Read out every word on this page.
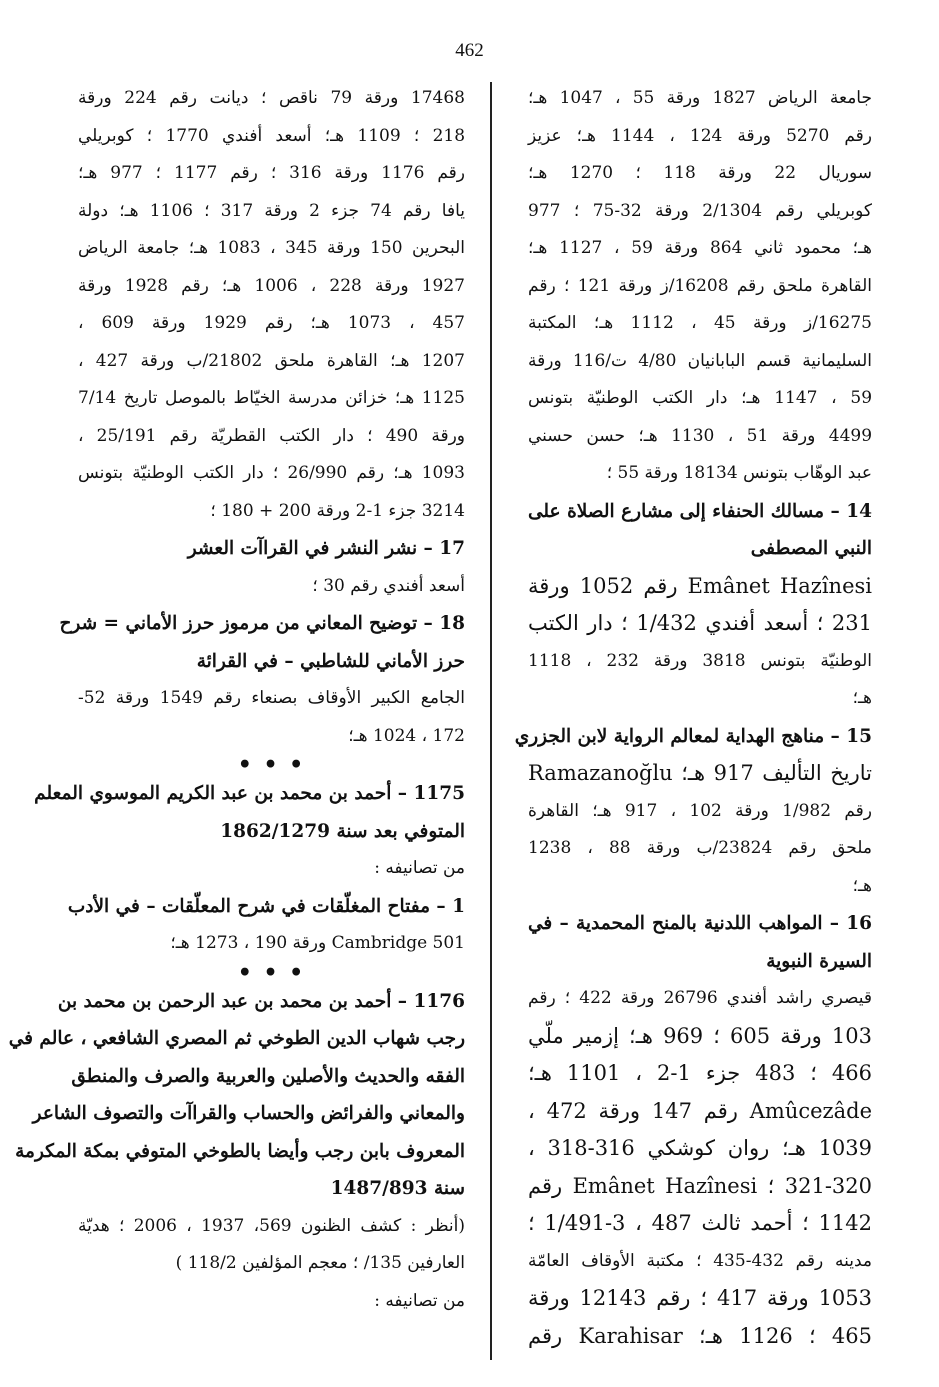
462
جامعة الرياض 1827 ورقة 55 ، 1047 هـ؛
رقم 5270 ورقة 124 ، 1144 هـ؛ عزيز
سوريال 22 ورقة 118 ؛ 1270 هـ؛
كوبريلي رقم 2/1304 ورقة 32-75 ؛ 977
هـ؛ محمود ثاني 864 ورقة 59 ، 1127 هـ؛
القاهرة ملحق رقم 16208/ز ورقة 121 ؛ رقم
16275/ز ورقة 45 ، 1112 هـ؛ المكتبة
السليمانية قسم البابانيان 4/80 ت/116 ورقة
59 ، 1147 هـ؛ دار الكتب الوطنيّة بتونس
4499 ورقة 51 ، 1130 هـ؛ حسن حسني
عبد الوهّاب بتونس 18134 ورقة 55 ؛
14 – مسالك الحنفاء إلى مشارع الصلاة على
النبي المصطفى
Emânet Hazînesi رقم 1052 ورقة
231 ؛ أسعد أفندي 1/432 ؛ دار الكتب
الوطنيّة بتونس 3818 ورقة 232 ، 1118
هـ؛
15 – مناهج الهداية لمعالم الرواية لابن الجزري
تاريخ التأليف 917 هـ؛ Ramazanoğlu
رقم 1/982 ورقة 102 ، 917 هـ؛ القاهرة
ملحق رقم 23824/ب ورقة 88 ، 1238
هـ؛
16 – المواهب اللدنية بالمنح المحمدية – في
السيرة النبوية
قيصري راشد أفندي 26796 ورقة 422 ؛ رقم
103 ورقة 605 ؛ 969 هـ؛ إزمير ملّي
466 ؛ 483 جزء 1-2 ، 1101 هـ؛
Amûcezâde رقم 147 ورقة 472 ،
1039 هـ؛ روان كوشكي 316-318 ،
321-320 ؛ Emânet Hazînesi رقم
1142 ؛ أحمد ثالث 487 ، 3-1/491 ؛
مدينه رقم 432-435 ؛ مكتبة الأوقاف العامّة
1053 ورقة 417 ؛ رقم 12143 ورقة
465 ؛ 1126 هـ؛ Karahisar رقم
17468 ورقة 79 ناقص ؛ ديانت رقم 224 ورقة
218 ؛ 1109 هـ؛ أسعد أفندي 1770 ؛ كوبريلي
رقم 1176 ورقة 316 ؛ رقم 1177 ؛ 977 هـ؛
يافا رقم 74 جزء 2 ورقة 317 ؛ 1106 هـ؛ دولة
البحرين 150 ورقة 345 ، 1083 هـ؛ جامعة الرياض
1927 ورقة 228 ، 1006 هـ؛ رقم 1928 ورقة
457 ، 1073 هـ؛ رقم 1929 ورقة 609 ،
1207 هـ؛ القاهرة ملحق 21802/ب ورقة 427 ،
1125 هـ؛ خزائن مدرسة الخيّاط بالموصل تاريخ 7/14
ورقة 490 ؛ دار الكتب القطريّة رقم 25/191 ،
1093 هـ؛ رقم 26/990 ؛ دار الكتب الوطنيّة بتونس
3214 جزء 1-2 ورقة 200 + 180 ؛
17 – نشر النشر في القراآت العشر
أسعد أفندي رقم 30 ؛
18 – توضيح المعاني من مرموز حرز الأماني = شرح
حرز الأماني للشاطبي – في القرائة
الجامع الكبير الأوقاف بصنعاء رقم 1549 ورقة 52-
172 ، 1024 هـ؛
• • •
1175 – أحمد بن محمد بن عبد الكريم الموسوي المعلم
المتوفي بعد سنة 1862/1279
من تصانيفه :
1 – مفتاح المغلّقات في شرح المعلّقات – في الأدب
Cambridge 501 ورقة 190 ، 1273 هـ؛
• • •
1176 – أحمد بن محمد بن عبد الرحمن بن محمد بن
رجب شهاب الدين الطوخي ثم المصري الشافعي ، عالم في
الفقه والحديث والأصلين والعربية والصرف والمنطق
والمعاني والفرائض والحساب والقراآت والتصوف الشاعر
المعروف بابن رجب وأيضا بالطوخي المتوفي بمكة المكرمة
سنة 1487/893
(أنظر : كشف الظنون 569، 1937 ، 2006 ؛ هديّة
العارفين 135/ ؛ معجم المؤلفين 118/2 )
من تصانيفه :
